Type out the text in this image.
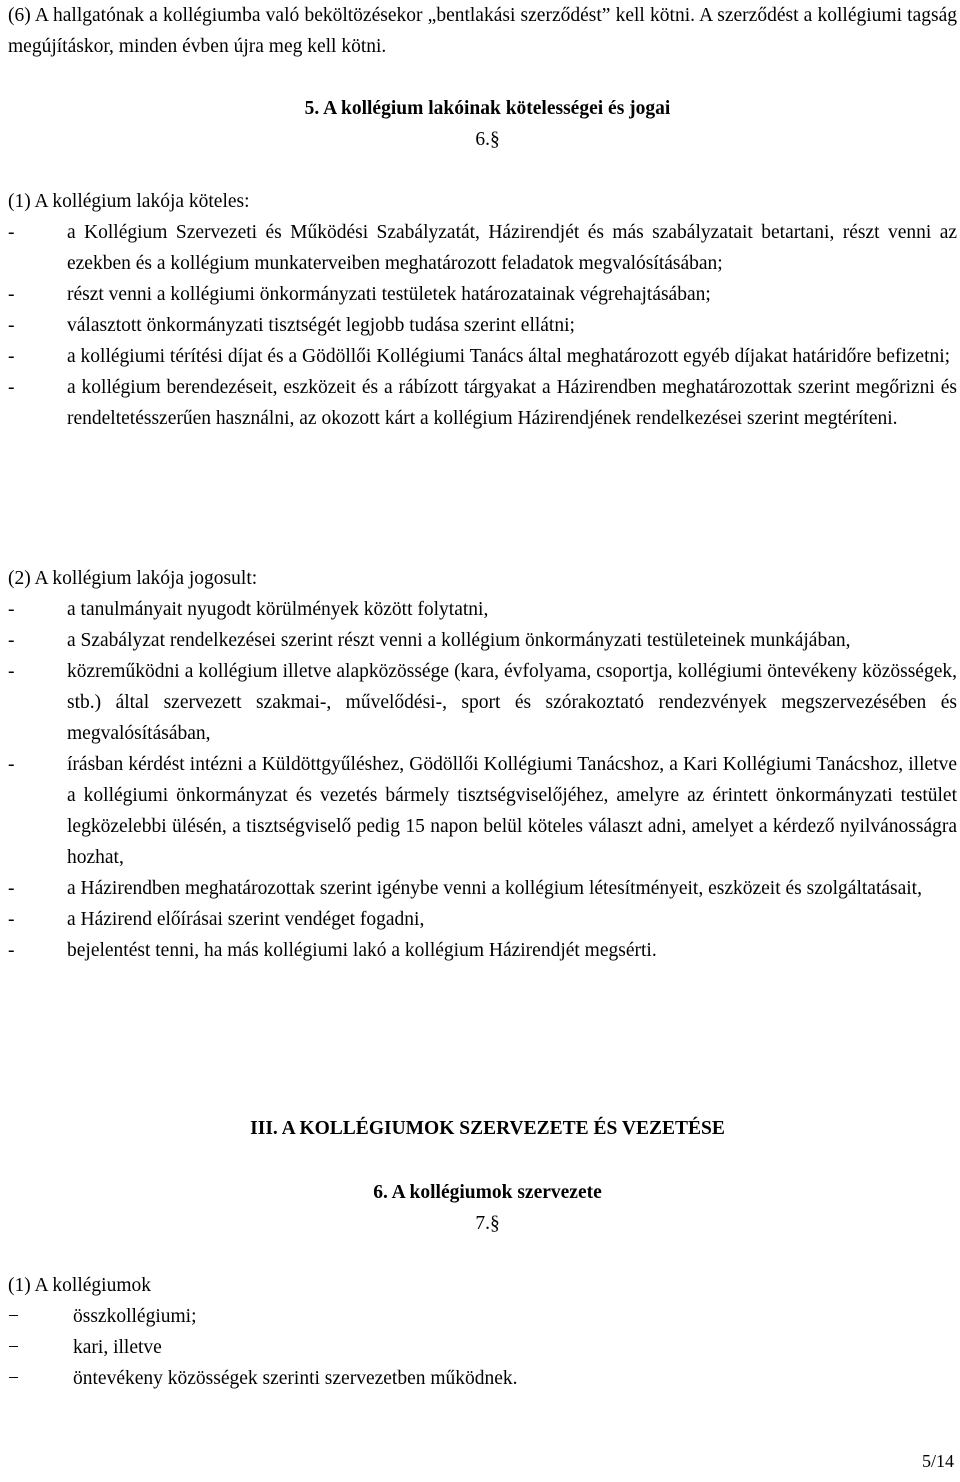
(6) A hallgatónak a kollégiumba való beköltözésekor „bentlakási szerződést” kell kötni. A szerződést a kollégiumi tagság megújításkor, minden évben újra meg kell kötni.

5. A kollégium lakóinak kötelességei és jogai
6.§

(1) A kollégium lakója köteles:

-	a Kollégium Szervezeti és Működési Szabályzatát, Házirendjét és más szabályzatait betartani, részt venni az ezekben és a kollégium munkaterveiben meghatározott feladatok megvalósításában;
-	részt venni a kollégiumi önkormányzati testületek határozatainak végrehajtásában;
-	választott önkormányzati tisztségét legjobb tudása szerint ellátni;
-	a kollégiumi térítési díjat és a Gödöllői Kollégiumi Tanács által meghatározott egyéb díjakat határidőre befizetni;
-	a kollégium berendezéseit, eszközeit és a rábízott tárgyakat a Házirendben meghatározottak szerint megőrizni és rendeltetésszerűen használni, az okozott kárt a kollégium Házirendjének rendelkezései szerint megtéríteni.

(2) A kollégium lakója jogosult:

-	a tanulmányait nyugodt körülmények között folytatni,
-	a Szabályzat rendelkezései szerint részt venni a kollégium önkormányzati testületeinek munkájában,
-	közreműködni a kollégium illetve alapközössége (kara, évfolyama, csoportja, kollégiumi öntevékeny közösségek, stb.) által szervezett szakmai-, művelődési-, sport és szórakoztató rendezvények megszervezésében és megvalósításában,
-	írásban kérdést intézni a Küldöttgyűléshez, Gödöllői Kollégiumi Tanácshoz, a Kari Kollégiumi Tanácshoz, illetve a kollégiumi önkormányzat és vezetés bármely tisztségviselőjéhez, amelyre az érintett önkormányzati testület legközelebbi ülésén, a tisztségviselő pedig 15 napon belül köteles választ adni, amelyet a kérdező nyilvánosságra hozhat,
-	a Házirendben meghatározottak szerint igénybe venni a kollégium létesítményeit, eszközeit és szolgáltatásait,
-	a Házirend előírásai szerint vendéget fogadni,
-	bejelentést tenni, ha más kollégiumi lakó a kollégium Házirendjét megsérti.
III. A KOLLÉGIUMOK SZERVEZETE ÉS VEZETÉSE
6. A kollégiumok szervezete
7.§

(1) A kollégiumok

−	összkollégiumi;
−	kari, illetve
−	öntevékeny közösségek szerinti szervezetben működnek.
5/14
